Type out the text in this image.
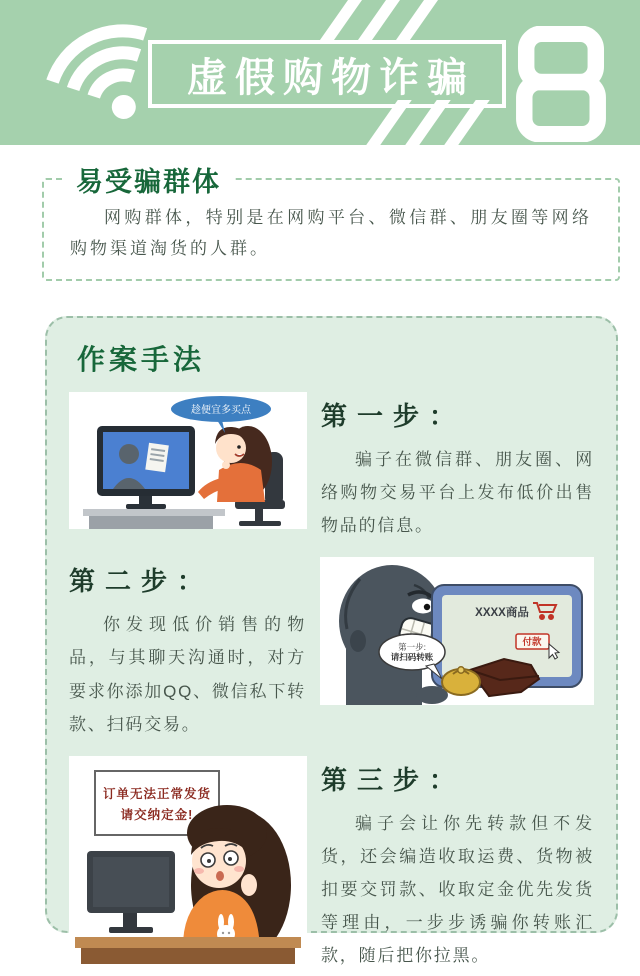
虚假购物诈骗
易受骗群体

网购群体，特别是在网购平台、微信群、朋友圈等网络购物渠道淘货的人群。

作案手法
趁便宜多买点	第一步：

骗子在微信群、朋友圈、网络购物交易平台上发布低价出售物品的信息。

第二步：

你发现低价销售的物品，与其聊天沟通时，对方要求你添加QQ、微信私下转款、扫码交易。

XXXX商品
付款
第一步:
请扫码转账
订单无法正常发货
请交纳定金!
第三步：

骗子会让你先转款但不发货，还会编造收取运费、货物被扣要交罚款、收取定金优先发货等理由，一步步诱骗你转账汇款，随后把你拉黑。
